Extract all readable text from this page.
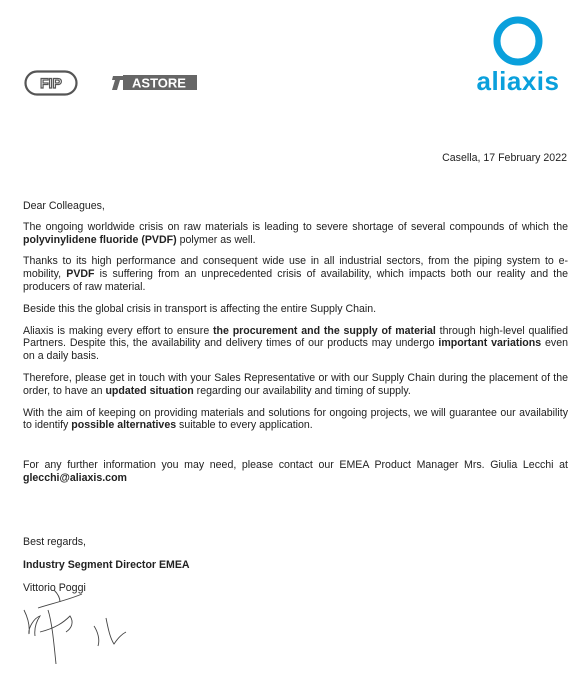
FIP	ASTORE	aliaxis
Casella, 17 February 2022

Dear Colleagues,

The ongoing worldwide crisis on raw materials is leading to severe shortage of several compounds of which the polyvinylidene fluoride (PVDF) polymer as well.

Thanks to its high performance and consequent wide use in all industrial sectors, from the piping system to e-mobility, PVDF is suffering from an unprecedented crisis of availability, which impacts both our reality and the producers of raw material.

Beside this the global crisis in transport is affecting the entire Supply Chain.

Aliaxis is making every effort to ensure the procurement and the supply of material through high-level qualified Partners. Despite this, the availability and delivery times of our products may undergo important variations even on a daily basis.

Therefore, please get in touch with your Sales Representative or with our Supply Chain during the placement of the order, to have an updated situation regarding our availability and timing of supply.

With the aim of keeping on providing materials and solutions for ongoing projects, we will guarantee our availability to identify possible alternatives suitable to every application.

For any further information you may need, please contact our EMEA Product Manager Mrs. Giulia Lecchi at glecchi@aliaxis.com

Best regards,
Industry Segment Director EMEA
Vittorio Poggi
